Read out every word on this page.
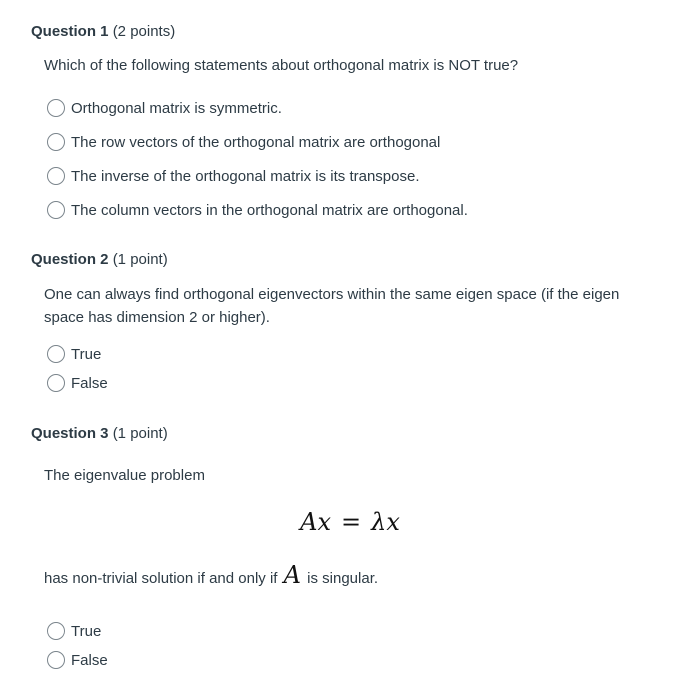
Question 1 (2 points)
Which of the following statements about orthogonal matrix is NOT true?
Orthogonal matrix is symmetric.
The row vectors of the orthogonal matrix are orthogonal
The inverse of the orthogonal matrix is its transpose.
The column vectors in the orthogonal matrix are orthogonal.
Question 2 (1 point)
One can always find orthogonal eigenvectors within the same eigen space (if the eigen space has dimension 2 or higher).
True
False
Question 3 (1 point)
The eigenvalue problem
Ax = λx
has non-trivial solution if and only if A is singular.
True
False
